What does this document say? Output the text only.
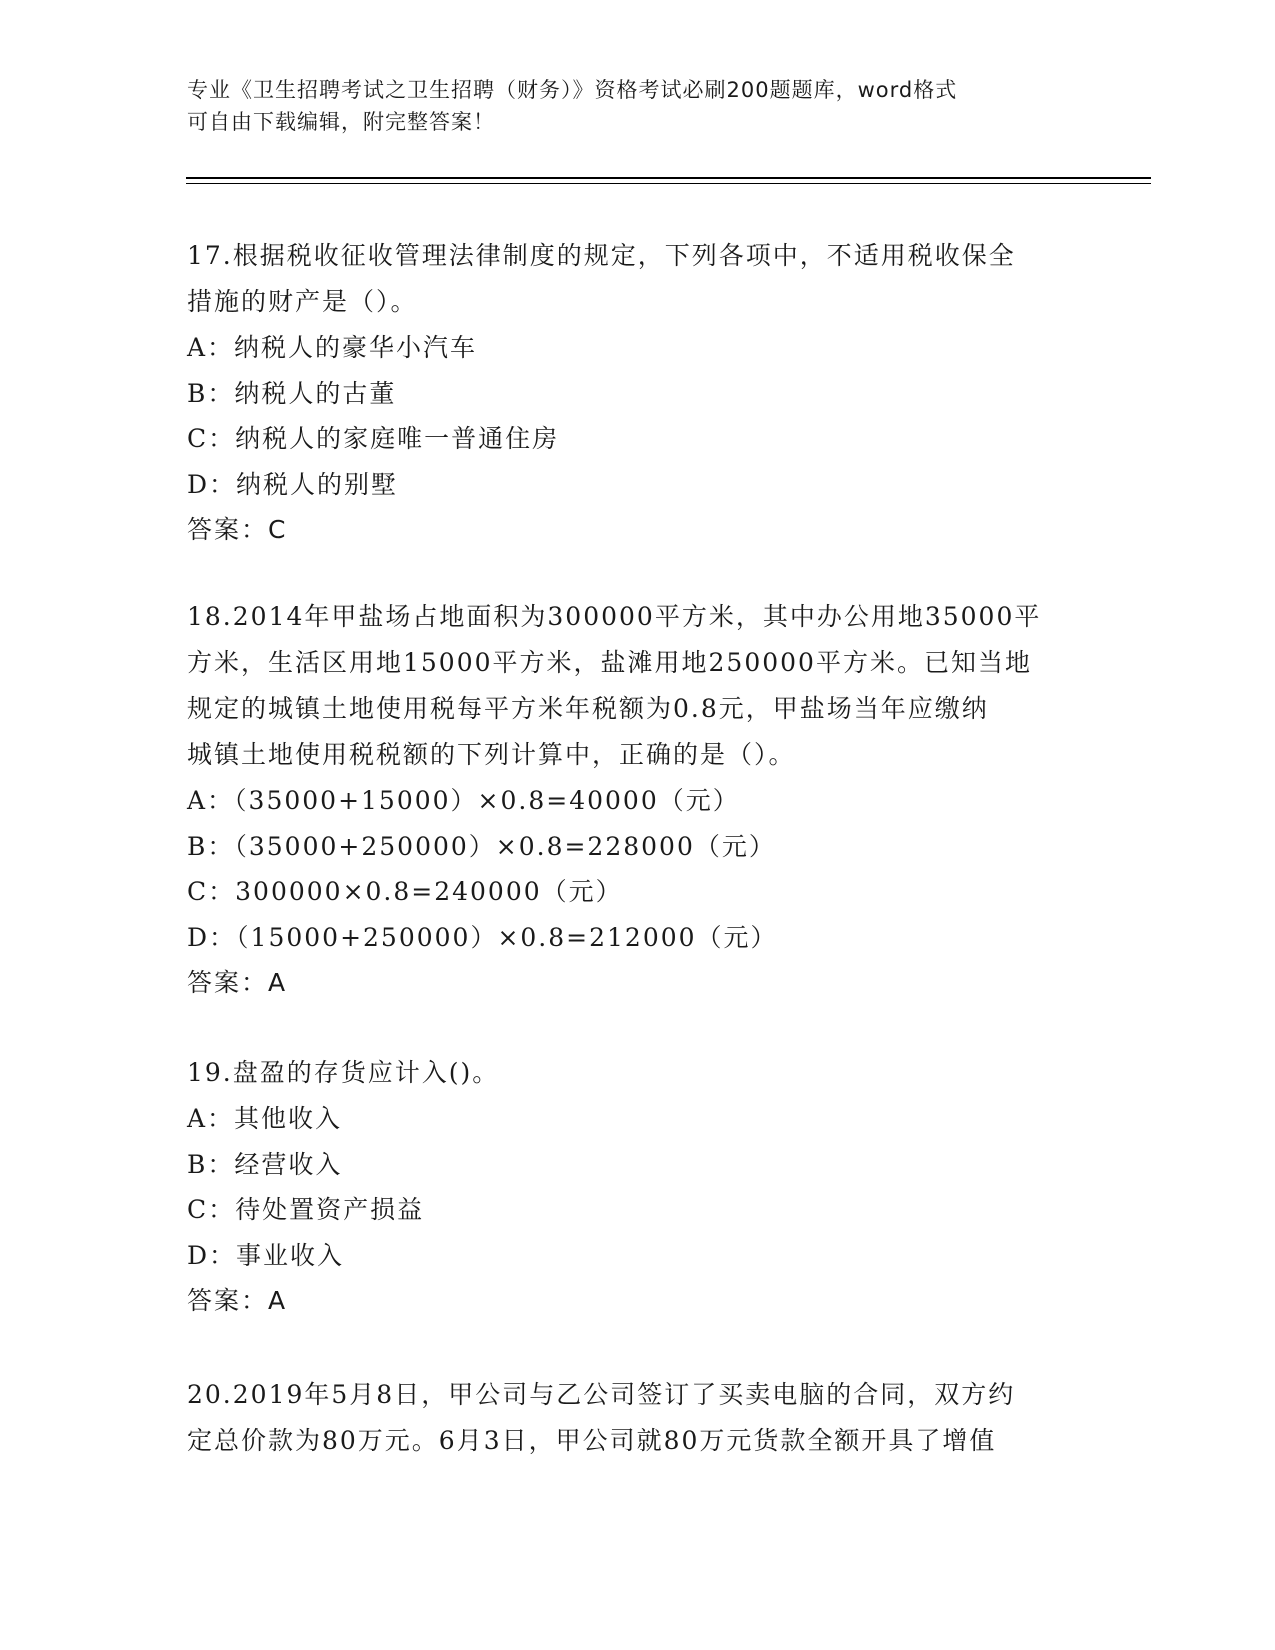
专业《卫生招聘考试之卫生招聘（财务）》资格考试必刷200题题库，word格式
可自由下载编辑，附完整答案！

17.根据税收征收管理法律制度的规定，下列各项中，不适用税收保全

措施的财产是（）。

A：纳税人的豪华小汽车

B：纳税人的古董

C：纳税人的家庭唯一普通住房

D：纳税人的别墅

答案：C

18.2014年甲盐场占地面积为300000平方米，其中办公用地35000平

方米，生活区用地15000平方米，盐滩用地250000平方米。已知当地

规定的城镇土地使用税每平方米年税额为0.8元，甲盐场当年应缴纳

城镇土地使用税税额的下列计算中，正确的是（）。

A：（35000+15000）×0.8=40000（元）

B：（35000+250000）×0.8=228000（元）

C：300000×0.8=240000（元）

D：（15000+250000）×0.8=212000（元）

答案：A

19.盘盈的存货应计入()。

A：其他收入

B：经营收入

C：待处置资产损益

D：事业收入

答案：A

20.2019年5月8日，甲公司与乙公司签订了买卖电脑的合同，双方约

定总价款为80万元。6月3日，甲公司就80万元货款全额开具了增值
